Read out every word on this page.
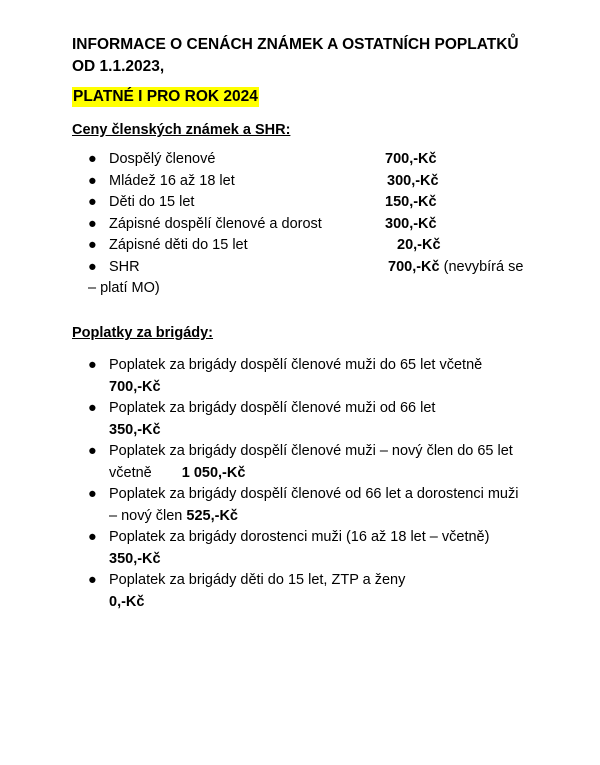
INFORMACE O CENÁCH ZNÁMEK A OSTATNÍCH POPLATKŮ
OD 1.1.2023,
PLATNÉ I PRO ROK 2024
Ceny členských známek a SHR:
● Dospělý členové	700,-Kč
● Mládež 16 až 18 let	300,-Kč
● Děti do 15 let	150,-Kč
● Zápisné dospělí členové a dorost	300,-Kč
● Zápisné děti do 15 let	20,-Kč
● SHR	700,-Kč (nevybírá se
– platí MO)
Poplatky za brigády:
● Poplatek za brigády dospělí členové muži do 65 let včetně
700,-Kč
● Poplatek za brigády dospělí členové muži od 66 let
350,-Kč
● Poplatek za brigády dospělí členové muži – nový člen do 65 let
včetně 1 050,-Kč
● Poplatek za brigády dospělí členové od 66 let a dorostenci muži
– nový člen 525,-Kč
● Poplatek za brigády dorostenci muži (16 až 18 let – včetně)
350,-Kč
● Poplatek za brigády děti do 15 let, ZTP a ženy
0,-Kč
